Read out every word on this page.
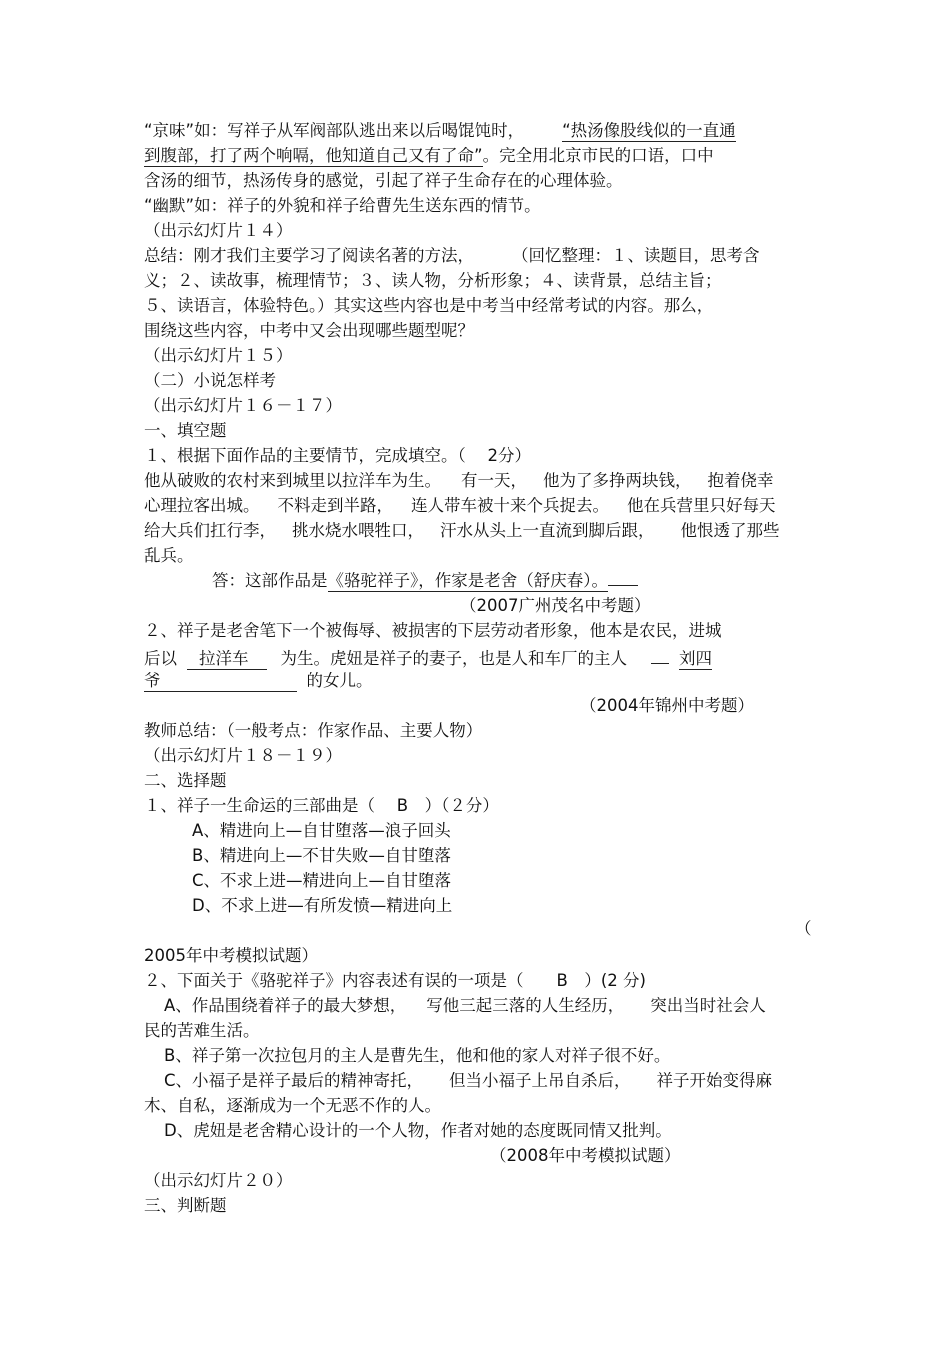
“京味”如：写祥子从军阀部队逃出来以后喝馄饨时， “热汤像股线似的一直通
到腹部，打了两个响嗝，他知道自己又有了命”。完全用北京市民的口语，口中
含汤的细节，热汤传身的感觉，引起了祥子生命存在的心理体验。
“幽默”如：祥子的外貌和祥子给曹先生送东西的情节。
（出示幻灯片１４）
总结：刚才我们主要学习了阅读名著的方法， （回忆整理：１、读题目，思考含
义；２、读故事，梳理情节；３、读人物，分析形象；４、读背景，总结主旨；
５、读语言，体验特色。）其实这些内容也是中考当中经常考试的内容。那么，
围绕这些内容，中考中又会出现哪些题型呢？
（出示幻灯片１５）
（二）小说怎样考
（出示幻灯片１６－１７）
一、填空题
１、根据下面作品的主要情节，完成填空。（　 2分）
他从破败的农村来到城里以拉洋车为生。 有一天， 他为了多挣两块钱， 抱着侥幸
心理拉客出城。 不料走到半路， 连人带车被十来个兵捉去。 他在兵营里只好每天
给大兵们扛行李， 挑水烧水喂牲口， 汗水从头上一直流到脚后跟， 他恨透了那些
乱兵。
答：这部作品是《骆驼祥子》，作家是老舍（舒庆春）。
（2007广州茂名中考题）
２、祥子是老舍笔下一个被侮辱、被损害的下层劳动者形象，他本是农民，进城
后以 拉洋车 为生。虎妞是祥子的妻子，也是人和车厂的主人	刘四
爷	的女儿。
（2004年锦州中考题）
教师总结：（一般考点：作家作品、主要人物）
（出示幻灯片１８－１９）
二、选择题
１、祥子一生命运的三部曲是（　 B　）（２分）
A、精进向上—自甘堕落—浪子回头
B、精进向上—不甘失败—自甘堕落
C、不求上进—精进向上—自甘堕落
D、不求上进—有所发愤—精进向上
（
2005年中考模拟试题）
２、下面关于《骆驼祥子》内容表述有误的一项是（　　B　）(2 分)
A、作品围绕着祥子的最大梦想， 写他三起三落的人生经历， 突出当时社会人
民的苦难生活。
B、祥子第一次拉包月的主人是曹先生，他和他的家人对祥子很不好。
C、小福子是祥子最后的精神寄托， 但当小福子上吊自杀后， 祥子开始变得麻
木、自私，逐渐成为一个无恶不作的人。
D、虎妞是老舍精心设计的一个人物，作者对她的态度既同情又批判。
（2008年中考模拟试题）
（出示幻灯片２０）
三、判断题
